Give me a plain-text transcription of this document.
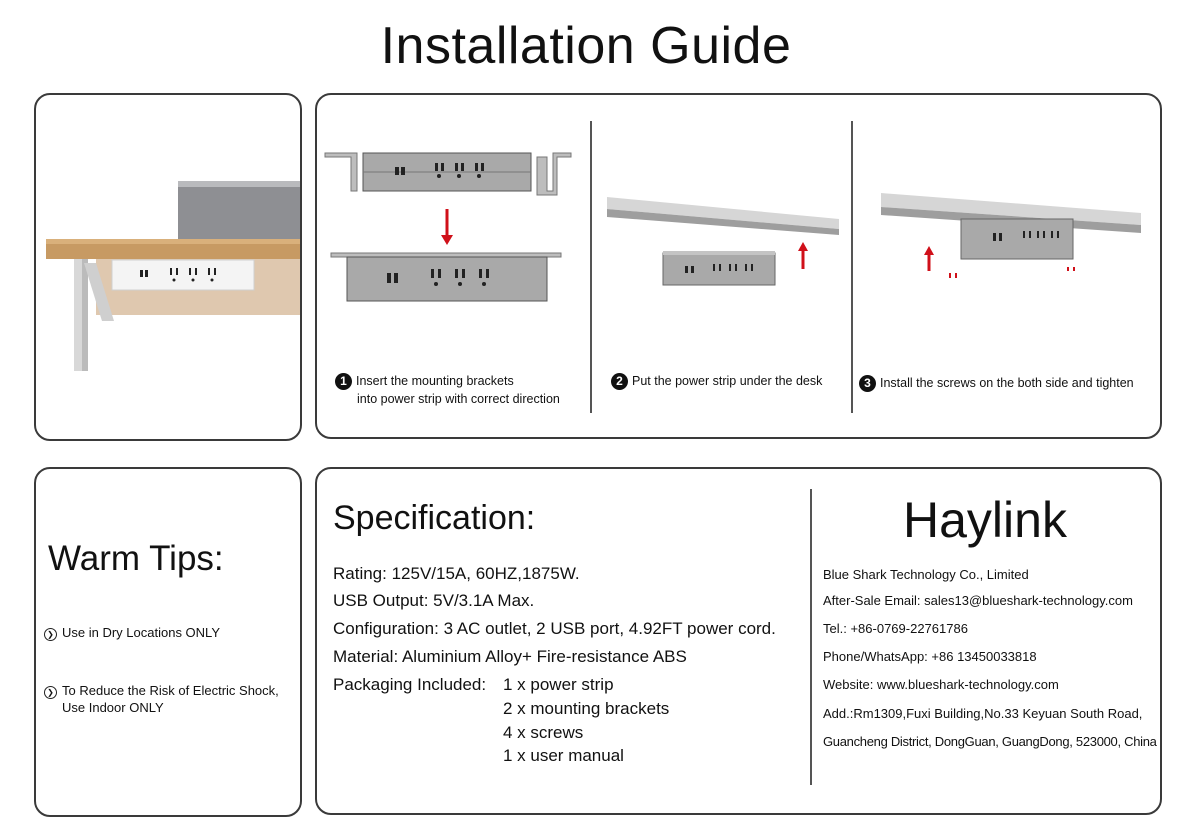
Installation Guide
1 Insert the mounting brackets
into power strip with correct direction
2 Put the power strip under the desk	3 Install the screws on the both side and tighten
Warm Tips:
❯ Use in Dry Locations ONLY
❯ To Reduce the Risk of Electric Shock,
Use Indoor ONLY
Specification:
Rating: 125V/15A, 60HZ,1875W.
USB Output: 5V/3.1A Max.
Configuration: 3 AC outlet, 2 USB port, 4.92FT power cord.
Material: Aluminium Alloy+ Fire-resistance ABS
Packaging Included: 1 x power strip
2 x mounting brackets
4 x screws
1 x user manual
Haylink
Blue Shark Technology Co., Limited
After-Sale Email: sales13@blueshark-technology.com
Tel.: +86-0769-22761786
Phone/WhatsApp: +86 13450033818
Website: www.blueshark-technology.com
Add.:Rm1309,Fuxi Building,No.33 Keyuan South Road,
Guancheng District, DongGuan, GuangDong, 523000, China
